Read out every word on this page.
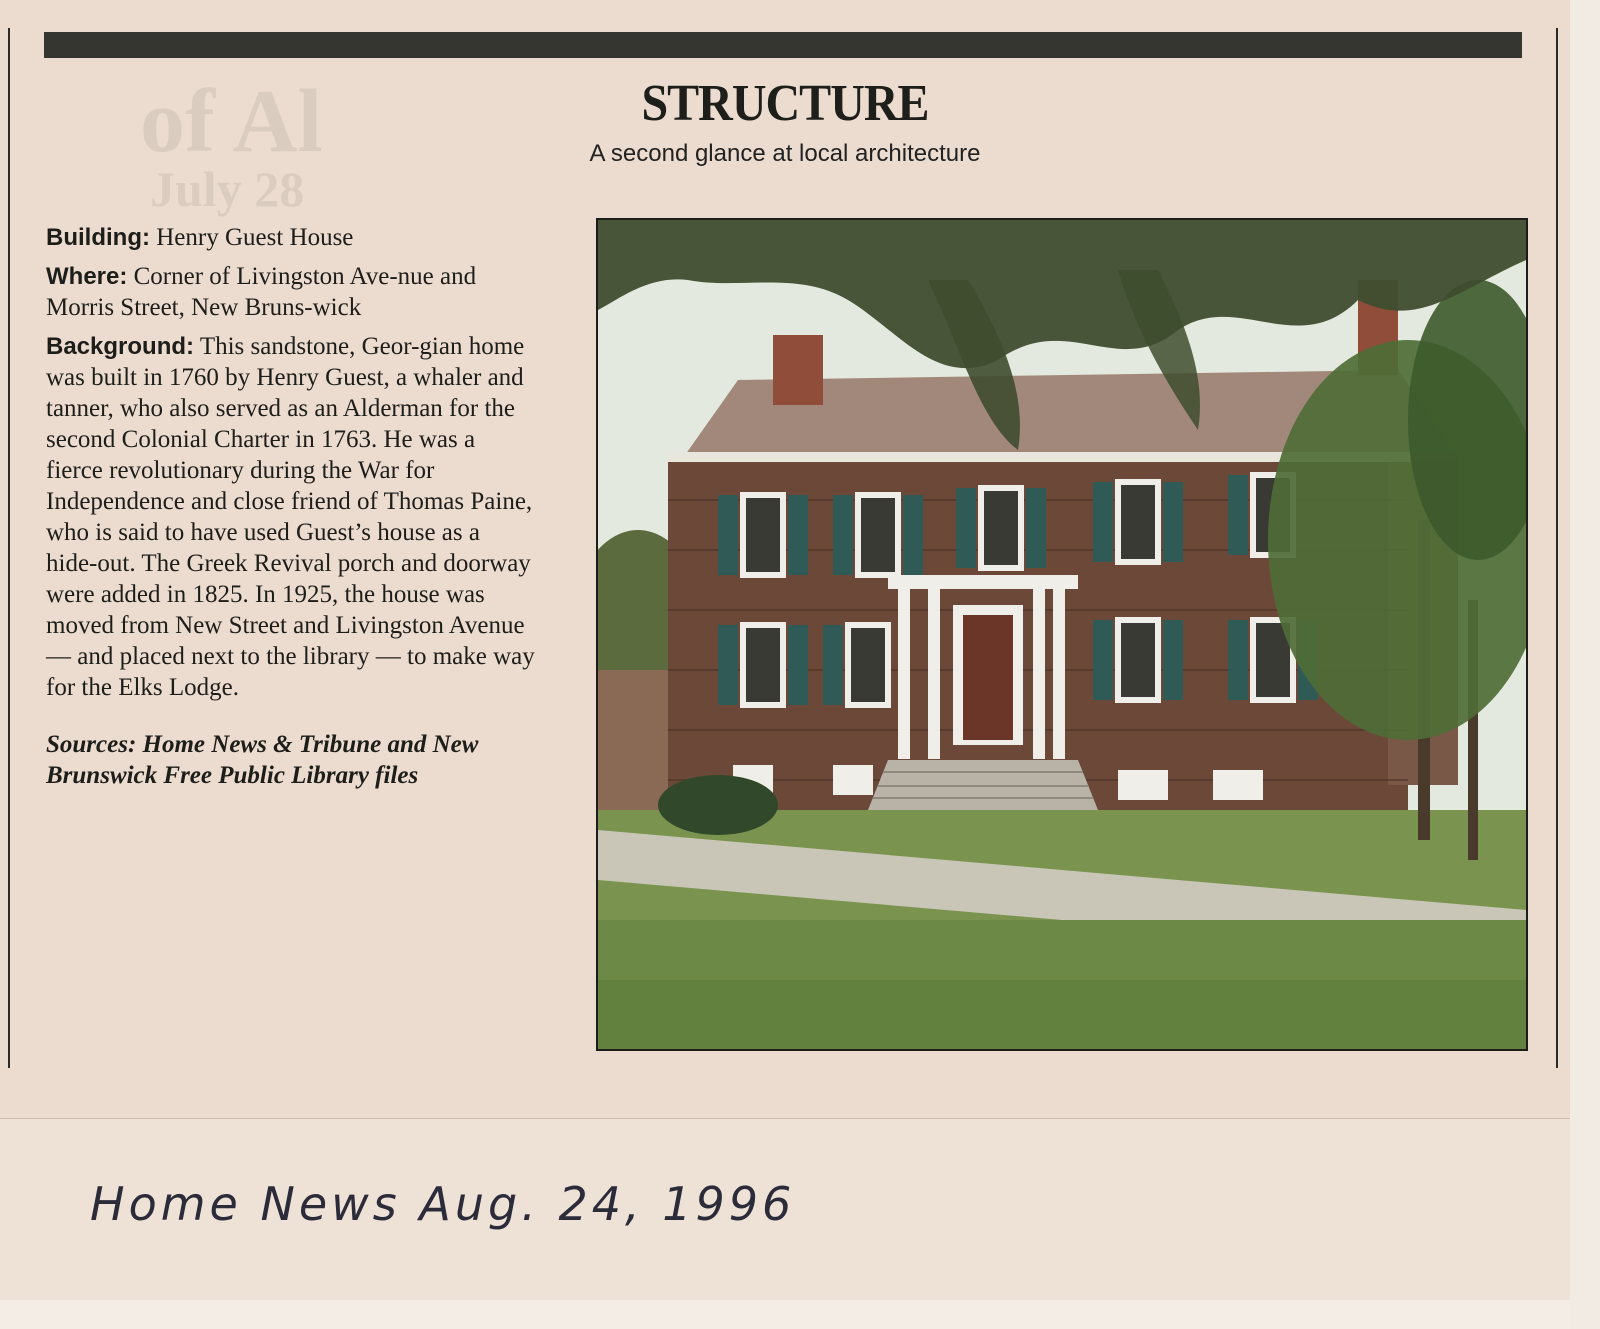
of Al
July 28
STRUCTURE
A second glance at local architecture

Building: Henry Guest House

Where: Corner of Livingston Ave-nue and Morris Street, New Bruns-wick

Background: This sandstone, Geor-gian home was built in 1760 by Henry Guest, a whaler and tanner, who also served as an Alderman for the second Colonial Charter in 1763. He was a fierce revolutionary during the War for Independence and close friend of Thomas Paine, who is said to have used Guest’s house as a hide-out. The Greek Revival porch and doorway were added in 1825. In 1925, the house was moved from New Street and Livingston Avenue — and placed next to the library — to make way for the Elks Lodge.

Sources: Home News & Tribune and New Brunswick Free Public Library files

Home News Aug. 24, 1996
